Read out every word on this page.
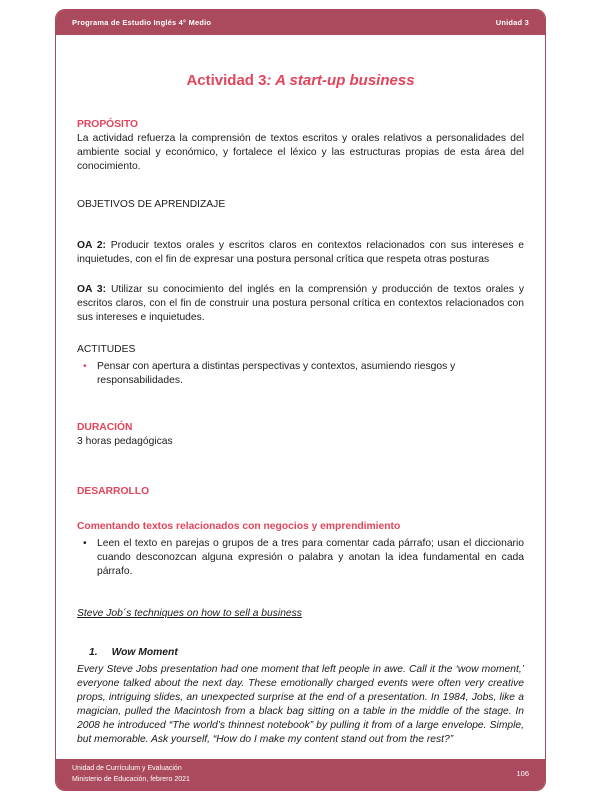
Programa de Estudio Inglés 4° Medio	Unidad 3
Actividad 3: A start-up business
PROPÓSITO
La actividad refuerza la comprensión de textos escritos y orales relativos a personalidades del ambiente social y económico, y fortalece el léxico y las estructuras propias de esta área del conocimiento.
OBJETIVOS DE APRENDIZAJE

OA 2: Producir textos orales y escritos claros en contextos relacionados con sus intereses e inquietudes, con el fin de expresar una postura personal crítica que respeta otras posturas

OA 3: Utilizar su conocimiento del inglés en la comprensión y producción de textos orales y escritos claros, con el fin de construir una postura personal crítica en contextos relacionados con sus intereses e inquietudes.

ACTITUDES
•	Pensar con apertura a distintas perspectivas y contextos, asumiendo riesgos y responsabilidades.
DURACIÓN
3 horas pedagógicas
DESARROLLO
Comentando textos relacionados con negocios y emprendimiento
•	Leen el texto en parejas o grupos de a tres para comentar cada párrafo; usan el diccionario cuando desconozcan alguna expresión o palabra y anotan la idea fundamental en cada párrafo.
Steve Job´s techniques on how to sell a business
1. Wow Moment
Every Steve Jobs presentation had one moment that left people in awe. Call it the ‘wow moment,’ everyone talked about the next day. These emotionally charged events were often very creative props, intriguing slides, an unexpected surprise at the end of a presentation. In 1984, Jobs, like a magician, pulled the Macintosh from a black bag sitting on a table in the middle of the stage. In 2008 he introduced “The world’s thinnest notebook” by pulling it from of a large envelope. Simple, but memorable. Ask yourself, “How do I make my content stand out from the rest?”
Unidad de Currículum y Evaluación
Ministerio de Educación, febrero 2021
106
